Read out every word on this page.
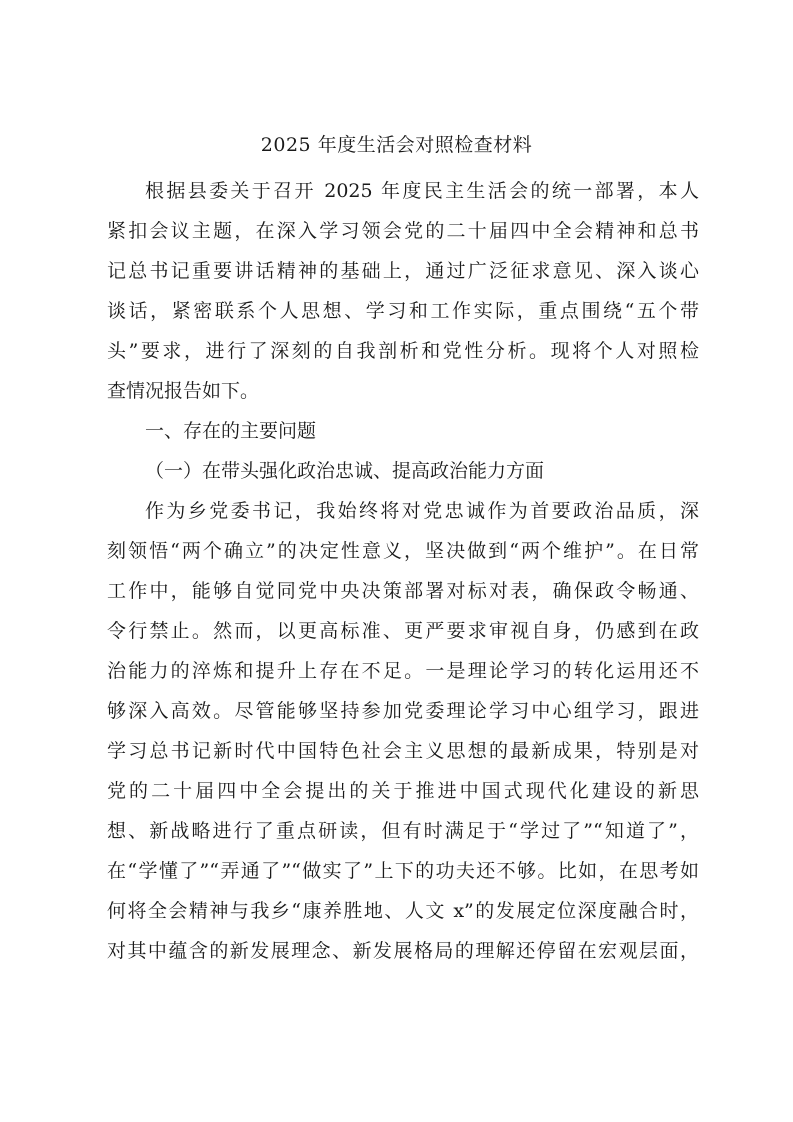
2025 年度生活会对照检查材料
根据县委关于召开 2025 年度民主生活会的统一部署，本人
紧扣会议主题，在深入学习领会党的二十届四中全会精神和总书
记总书记重要讲话精神的基础上，通过广泛征求意见、深入谈心
谈话，紧密联系个人思想、学习和工作实际，重点围绕“五个带
头”要求，进行了深刻的自我剖析和党性分析。现将个人对照检
查情况报告如下。
一、存在的主要问题
（一）在带头强化政治忠诚、提高政治能力方面
作为乡党委书记，我始终将对党忠诚作为首要政治品质，深
刻领悟“两个确立”的决定性意义，坚决做到“两个维护”。在日常
工作中，能够自觉同党中央决策部署对标对表，确保政令畅通、
令行禁止。然而，以更高标准、更严要求审视自身，仍感到在政
治能力的淬炼和提升上存在不足。一是理论学习的转化运用还不
够深入高效。尽管能够坚持参加党委理论学习中心组学习，跟进
学习总书记新时代中国特色社会主义思想的最新成果，特别是对
党的二十届四中全会提出的关于推进中国式现代化建设的新思
想、新战略进行了重点研读，但有时满足于“学过了”“知道了”，
在“学懂了”“弄通了”“做实了”上下的功夫还不够。比如，在思考如
何将全会精神与我乡“康养胜地、人文 x”的发展定位深度融合时，
对其中蕴含的新发展理念、新发展格局的理解还停留在宏观层面，
